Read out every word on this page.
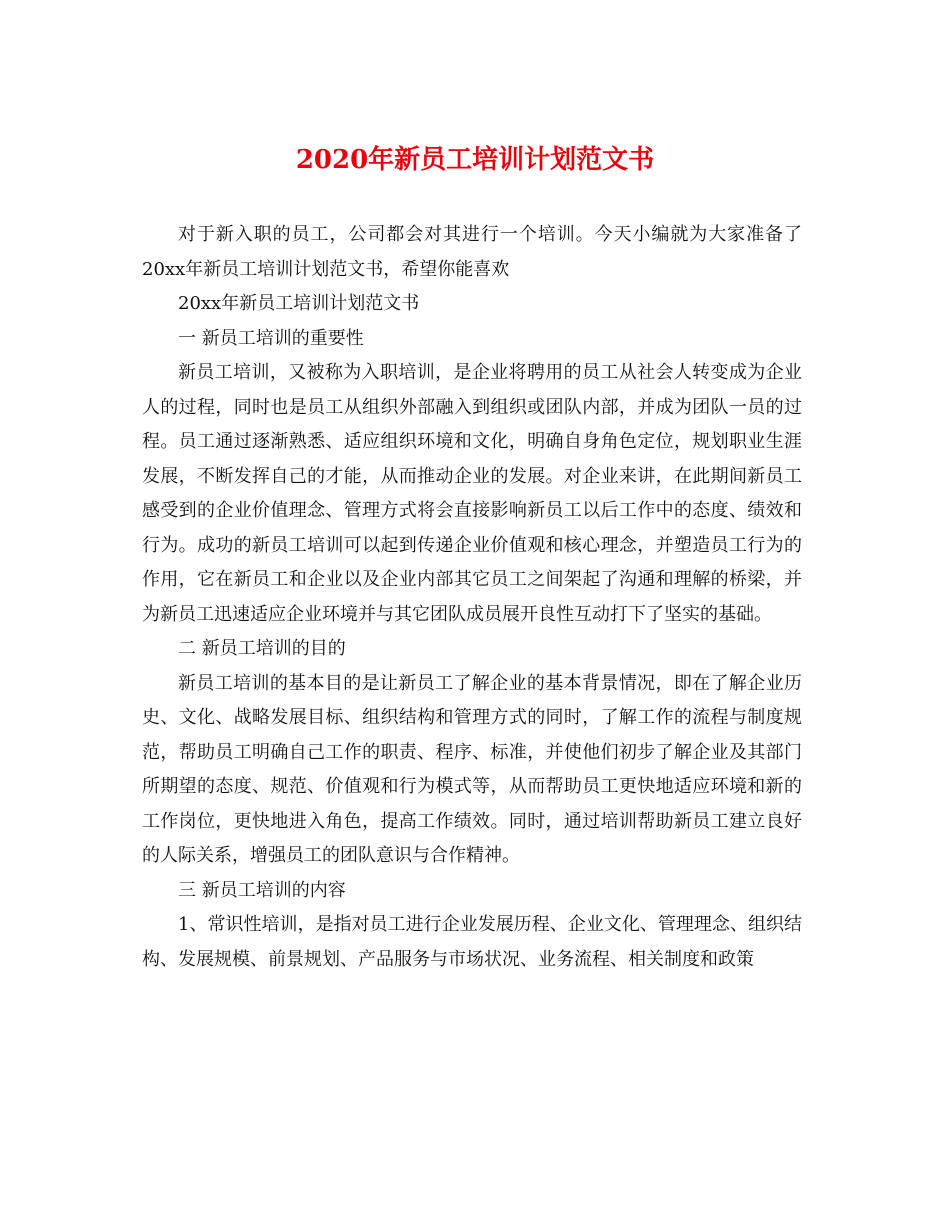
2020年新员工培训计划范文书

对于新入职的员工，公司都会对其进行一个培训。今天小编就为大家准备了20xx年新员工培训计划范文书，希望你能喜欢

20xx年新员工培训计划范文书

一 新员工培训的重要性

新员工培训，又被称为入职培训，是企业将聘用的员工从社会人转变成为企业人的过程，同时也是员工从组织外部融入到组织或团队内部，并成为团队一员的过程。员工通过逐渐熟悉、适应组织环境和文化，明确自身角色定位，规划职业生涯发展，不断发挥自己的才能，从而推动企业的发展。对企业来讲，在此期间新员工感受到的企业价值理念、管理方式将会直接影响新员工以后工作中的态度、绩效和行为。成功的新员工培训可以起到传递企业价值观和核心理念，并塑造员工行为的作用，它在新员工和企业以及企业内部其它员工之间架起了沟通和理解的桥梁，并为新员工迅速适应企业环境并与其它团队成员展开良性互动打下了坚实的基础。

二 新员工培训的目的

新员工培训的基本目的是让新员工了解企业的基本背景情况，即在了解企业历史、文化、战略发展目标、组织结构和管理方式的同时，了解工作的流程与制度规范，帮助员工明确自己工作的职责、程序、标准，并使他们初步了解企业及其部门所期望的态度、规范、价值观和行为模式等，从而帮助员工更快地适应环境和新的工作岗位，更快地进入角色，提高工作绩效。同时，通过培训帮助新员工建立良好的人际关系，增强员工的团队意识与合作精神。

三 新员工培训的内容

1、常识性培训，是指对员工进行企业发展历程、企业文化、管理理念、组织结构、发展规模、前景规划、产品服务与市场状况、业务流程、相关制度和政策
